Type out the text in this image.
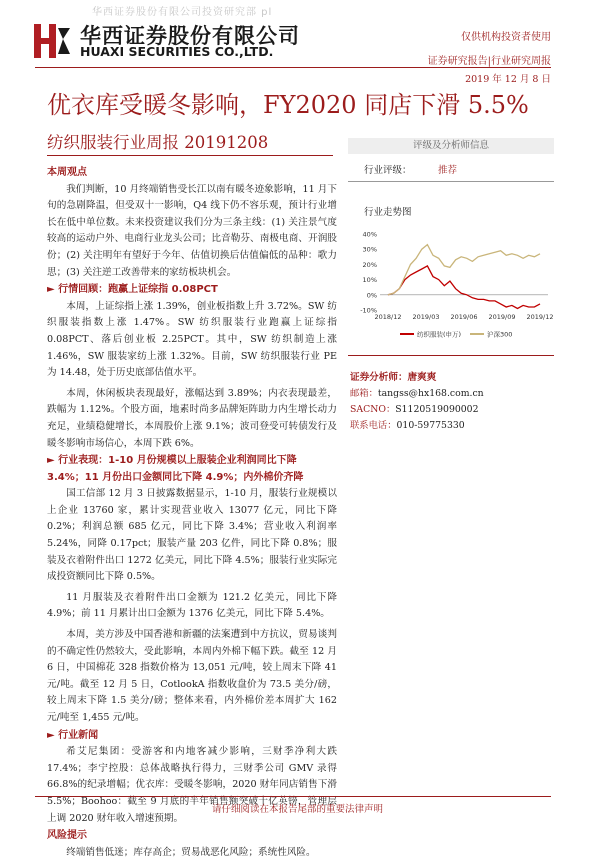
华西证券股份有限公司投资研究部 pl
华西证券股份有限公司
HUAXI SECURITIES CO.,LTD.
仅供机构投资者使用
证券研究报告|行业研究周报
2019 年 12 月 8 日
优衣库受暖冬影响，FY2020 同店下滑 5.5%
纺织服装行业周报 20191208
本周观点

我们判断，10 月终端销售受长江以南有暖冬迹象影响，11 月下旬的急剧降温，但受双十一影响，Q4 线下仍不容乐观，预计行业增长在低中单位数。未来投资建议我们分为三条主线：(1) 关注景气度较高的运动户外、电商行业龙头公司；比音勒芬、南极电商、开润股份；(2) 关注明年有望好于今年、估值切换后估值偏低的品种：歌力思；(3) 关注逆工改善带来的家纺板块机会。

► 行情回顾：跑赢上证综指 0.08PCT

本周，上证综指上涨 1.39%，创业板指数上升 3.72%。SW 纺织服装指数上涨 1.47%。SW 纺织服装行业跑赢上证综指 0.08PCT、落后创业板 2.25PCT。其中，SW 纺织制造上涨 1.46%，SW 服装家纺上涨 1.32%。目前，SW 纺织服装行业 PE 为 14.48，处于历史底部估值水平。

本周，休闲板块表现最好，涨幅达到 3.89%；内衣表现最差，跌幅为 1.12%。个股方面，地素时尚多品牌矩阵助力内生增长动力充足，业绩稳健增长，本周股价上涨 9.1%；波司登受可转债发行及暖冬影响市场信心，本周下跌 6%。

► 行业表现：1-10 月份规模以上服装企业利润同比下降 3.4%；11 月份出口金额同比下降 4.9%；内外棉价齐降

国工信部 12 月 3 日披露数据显示，1-10 月，服装行业规模以上企业 13760 家，累计实现营业收入 13077 亿元，同比下降 0.2%；利润总额 685 亿元，同比下降 3.4%；营业收入利润率 5.24%，同降 0.17pct；服装产量 203 亿件，同比下降 0.8%；服装及衣着附件出口 1272 亿美元，同比下降 4.5%；服装行业实际完成投资额同比下降 0.5%。

11 月服装及衣着附件出口金额为 121.2 亿美元，同比下降 4.9%；前 11 月累计出口金额为 1376 亿美元，同比下降 5.4%。

本周，美方涉及中国香港和新疆的法案遭到中方抗议，贸易谈判的不确定性仍然较大，受此影响，本周内外棉下幅下跌。截至 12 月 6 日，中国棉花 328 指数价格为 13,051 元/吨，较上周末下降 41 元/吨。截至 12 月 5 日，CotlookA 指数收盘价为 73.5 美分/磅，较上周末下降 1.5 美分/磅；整体来看，内外棉价差本周扩大 162 元/吨至 1,455 元/吨。

► 行业新闻

希艾尼集团：受游客和内地客减少影响，三财季净利大跌 17.4%；李宁控股：总体战略执行得力，三财季公司 GMV 录得 66.8%的纪录增幅；优衣库：受暖冬影响，2020 财年同店销售下滑 5.5%；Boohoo：截至 9 月底的半年销售额突破十亿英镑，管理层上调 2020 财年收入增速预期。

风险提示

终端销售低迷；库存高企；贸易战恶化风险；系统性风险。

评级及分析师信息
行业评级：	推荐
行业走势图
40%
30%
20%
10%
0%
-10%
2018/12 2019/03 2019/06 2019/09 2019/12
纺织服装(申万)	沪深300
证券分析师：唐爽爽
邮箱：tangss@hx168.com.cn
SACNO：S1120519090002
联系电话：010-59775330
请仔细阅读在本报告尾部的重要法律声明
